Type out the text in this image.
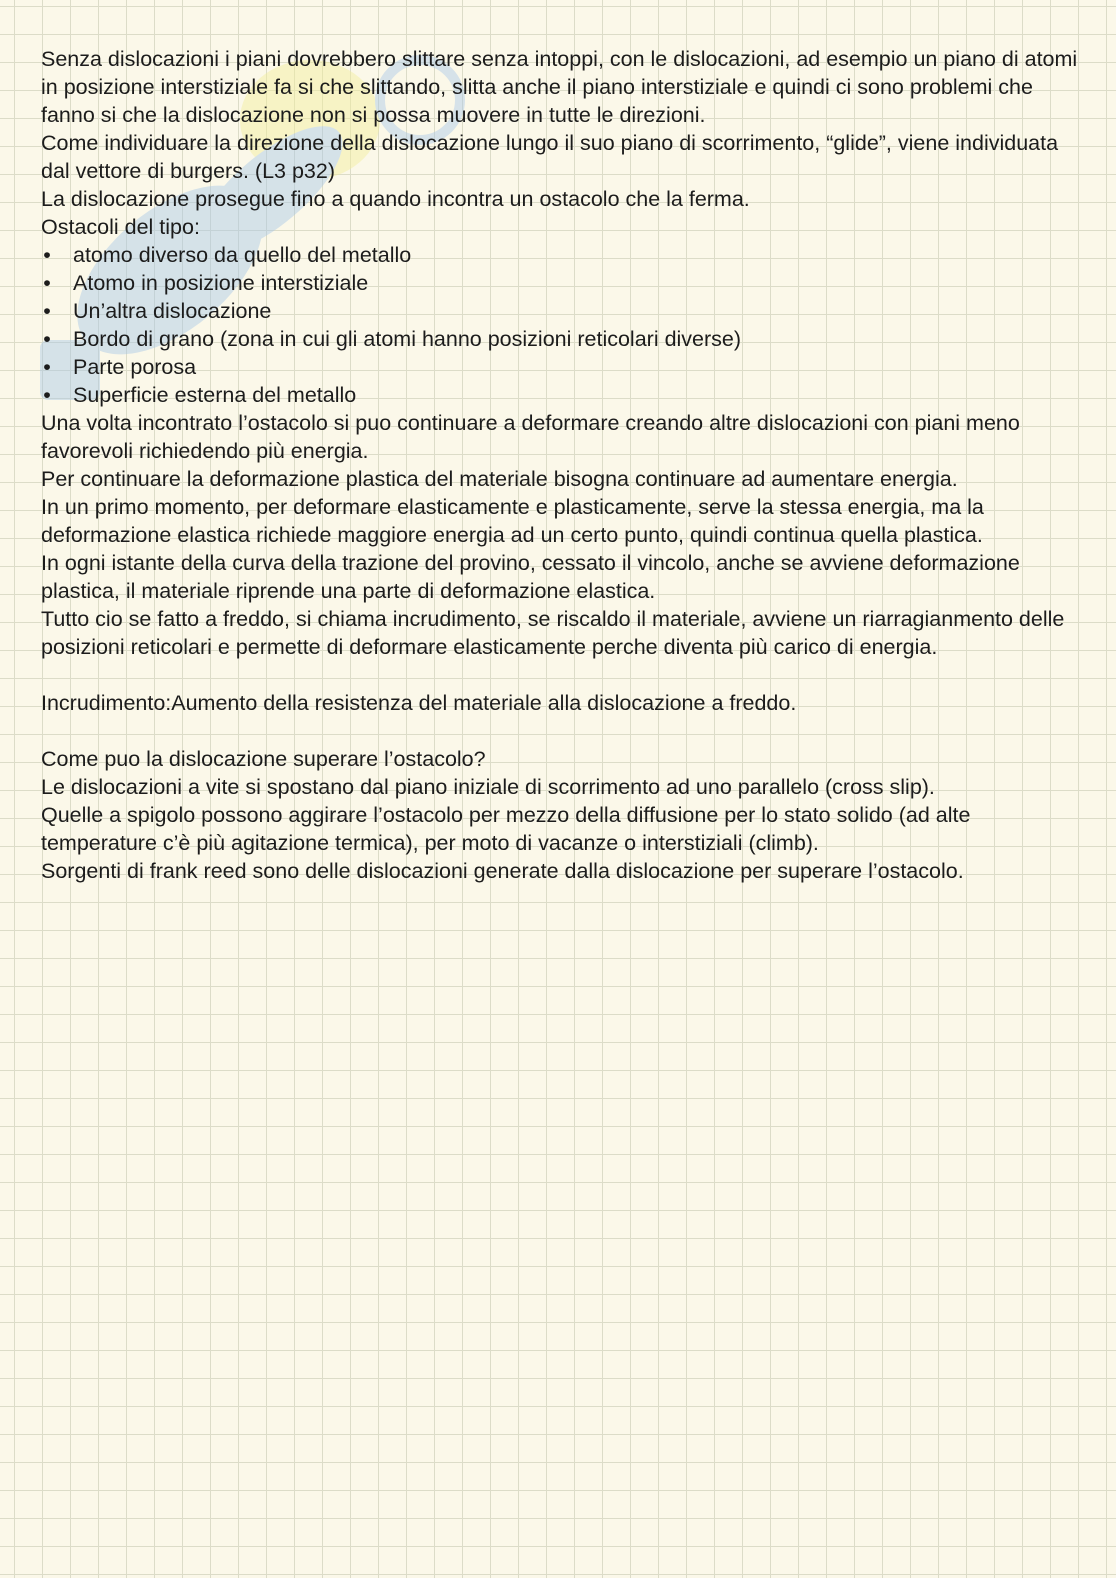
Senza dislocazioni i piani dovrebbero slittare senza intoppi, con le dislocazioni, ad esempio un piano di atomi in posizione interstiziale fa si che slittando, slitta anche il piano interstiziale e quindi ci sono problemi che fanno si che la dislocazione non si possa muovere in tutte le direzioni.

Come individuare la direzione della dislocazione lungo il suo piano di scorrimento, “glide”, viene individuata dal vettore di burgers. (L3 p32)

La dislocazione prosegue fino a quando incontra un ostacolo che la ferma.

Ostacoli del tipo:

• atomo diverso da quello del metallo
• Atomo in posizione interstiziale
• Un’altra dislocazione
• Bordo di grano (zona in cui gli atomi hanno posizioni reticolari diverse)
• Parte porosa
• Superficie esterna del metallo

Una volta incontrato l’ostacolo si puo continuare a deformare creando altre dislocazioni con piani meno favorevoli richiedendo più energia.

Per continuare la deformazione plastica del materiale bisogna continuare ad aumentare energia.

In un primo momento, per deformare elasticamente e plasticamente, serve la stessa energia, ma la deformazione elastica richiede maggiore energia ad un certo punto, quindi continua quella plastica.

In ogni istante della curva della trazione del provino, cessato il vincolo, anche se avviene deformazione plastica, il materiale riprende una parte di deformazione elastica.

Tutto cio se fatto a freddo, si chiama incrudimento, se riscaldo il materiale, avviene un riarragianmento delle posizioni reticolari e permette di deformare elasticamente perche diventa più carico di energia.

Incrudimento:Aumento della resistenza del materiale alla dislocazione a freddo.

Come puo la dislocazione superare l’ostacolo?

Le dislocazioni a vite si spostano dal piano iniziale di scorrimento ad uno parallelo (cross slip).

Quelle a spigolo possono aggirare l’ostacolo per mezzo della diffusione per lo stato solido (ad alte temperature c’è più agitazione termica), per moto di vacanze o interstiziali (climb).

Sorgenti di frank reed sono delle dislocazioni generate dalla dislocazione per superare l’ostacolo.
